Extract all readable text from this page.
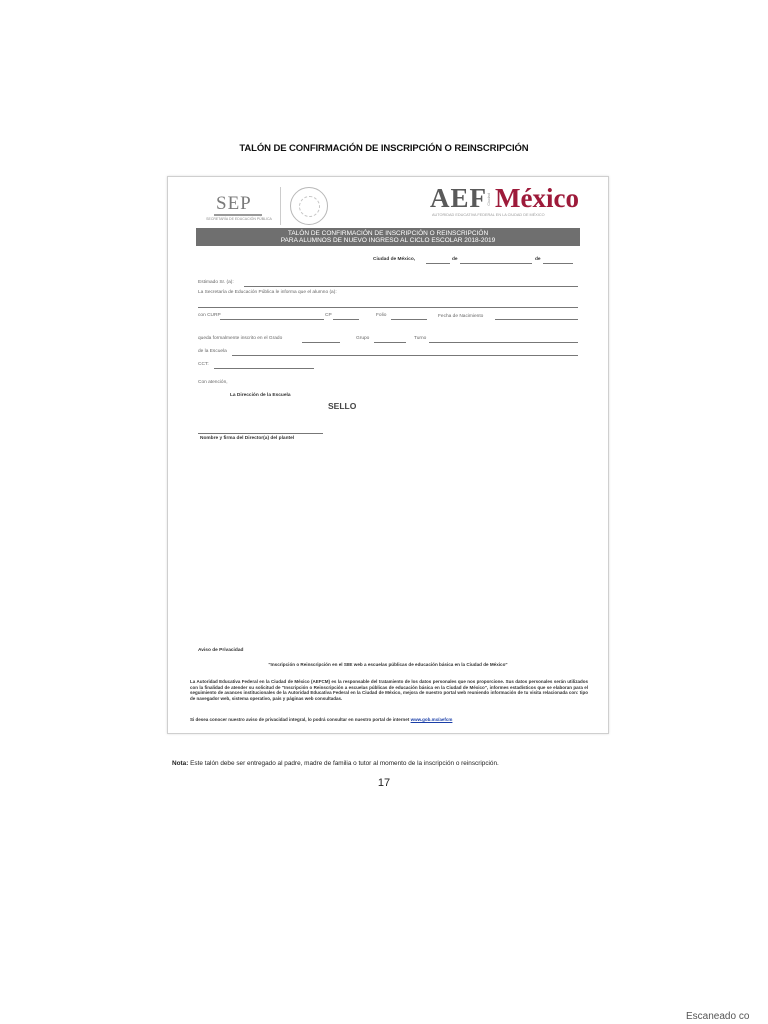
TALÓN DE CONFIRMACIÓN DE INSCRIPCIÓN O REINSCRIPCIÓN
SEP
SECRETARÍA DE EDUCACIÓN PÚBLICA
AEF Ciudad México
AUTORIDAD EDUCATIVA FEDERAL EN LA CIUDAD DE MÉXICO
TALÓN DE CONFIRMACIÓN DE INSCRIPCIÓN O REINSCRIPCIÓN
PARA ALUMNOS DE NUEVO INGRESO AL CICLO ESCOLAR 2018-2019
Ciudad de México,	de	de
Estimado Sr. (a):
La Secretaría de Educación Pública le informa que el alumno (a):
con CURP	CP	Folio	Fecha de Nacimiento
queda formalmente inscrito en el Grado	Grupo	Turno
de la Escuela
CCT:
Con atención,
La Dirección de la Escuela
SELLO
Nombre y firma del Director(a) del plantel
Aviso de Privacidad
"Inscripción o Reinscripción en el SIIE web a escuelas públicas de educación básica en la Ciudad de México"
La Autoridad Educativa Federal en la Ciudad de México (AEFCM) es la responsable del tratamiento de los datos personales que nos proporcione. Sus datos personales serán utilizados con la finalidad de atender su solicitud de "Inscripción o Reinscripción a escuelas públicas de educación básica en la Ciudad de México", informes estadísticos que se elaboran para el seguimiento de avances institucionales de la Autoridad Educativa Federal en la Ciudad de México, mejora de nuestro portal web reuniendo información de tu visita relacionada con: tipo de navegador web, sistema operativo, país y páginas web consultadas.
Si desea conocer nuestro aviso de privacidad integral, lo podrá consultar en nuestro portal de internet www.gob.mx/aefcm
Nota: Este talón debe ser entregado al padre, madre de familia o tutor al momento de la inscripción o reinscripción.
17
Escaneado co
